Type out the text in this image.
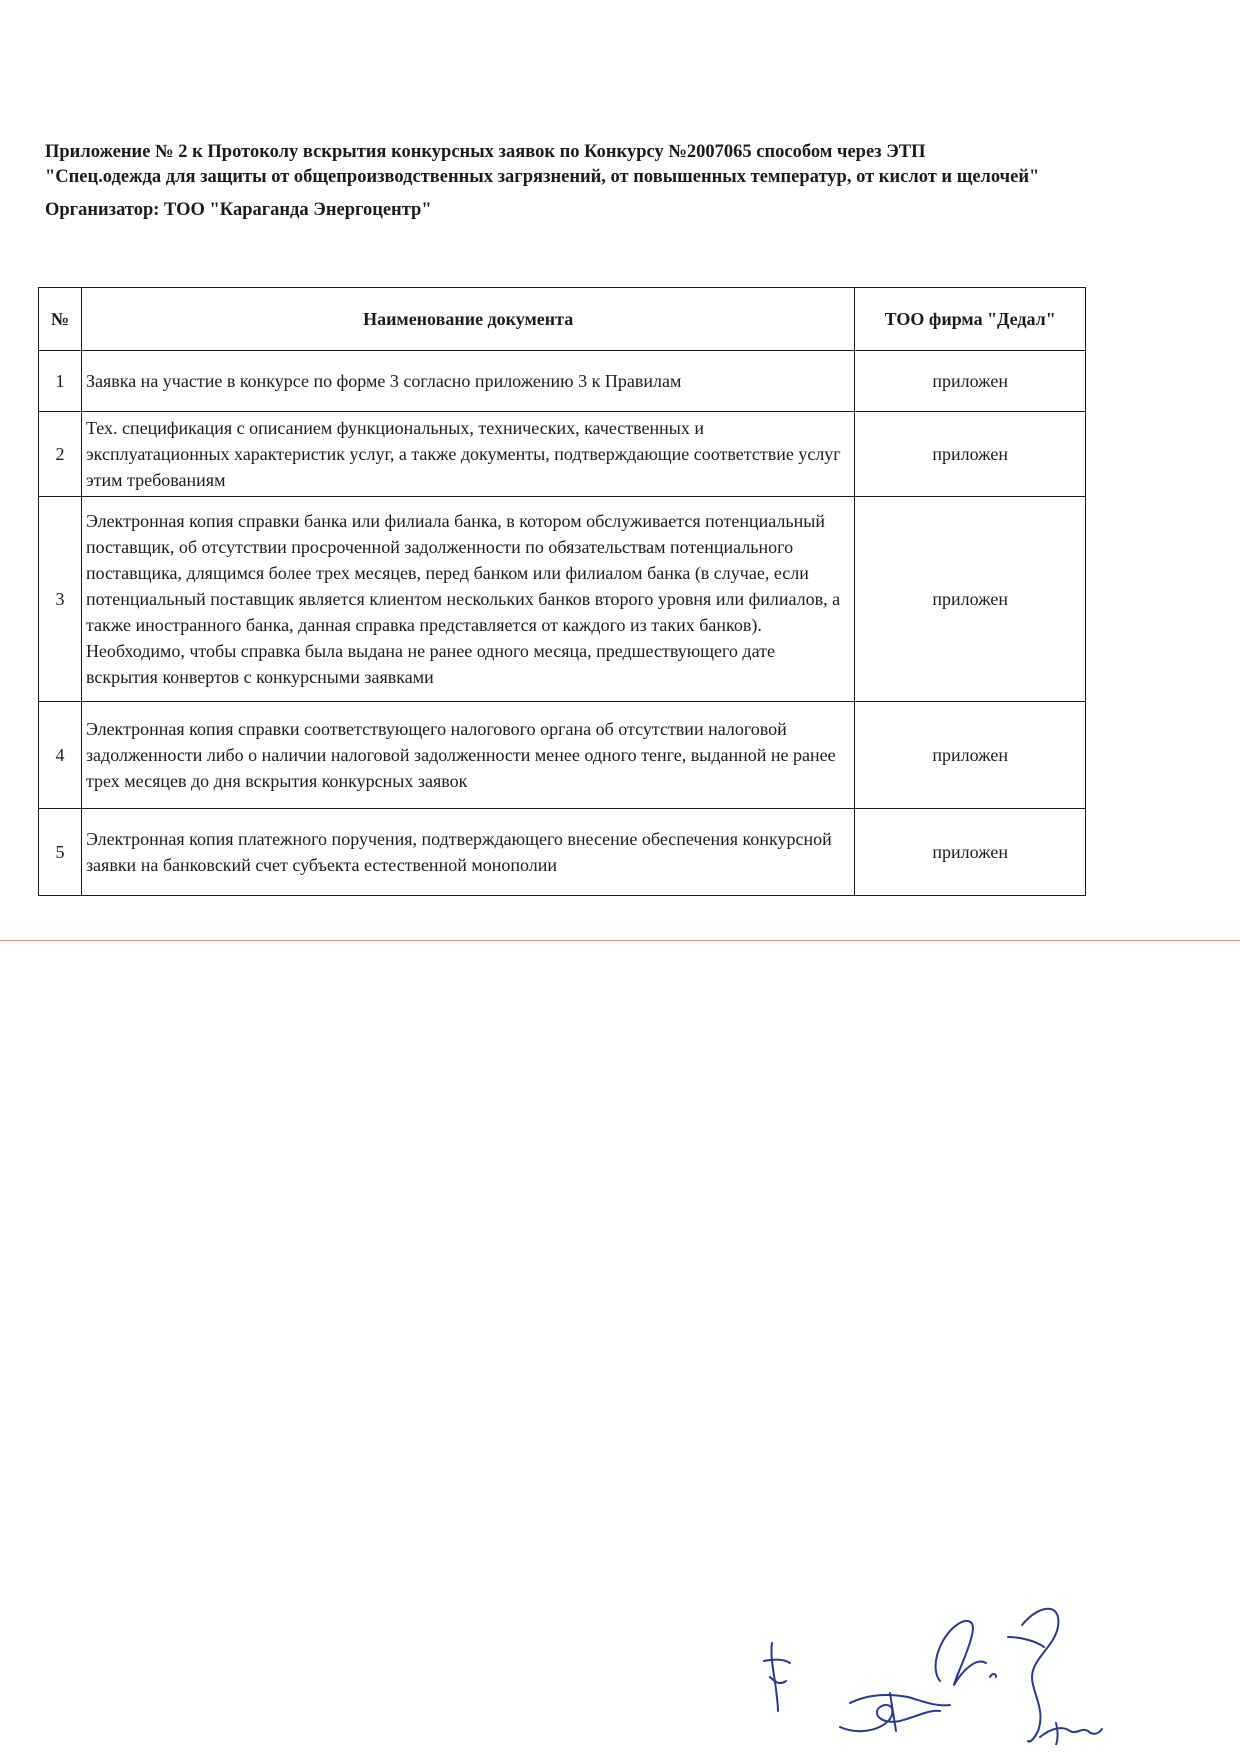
Приложение № 2 к Протоколу вскрытия конкурсных заявок по Конкурсу №2007065 способом через ЭТП
"Спец.одежда для защиты от общепроизводственных загрязнений, от повышенных температур, от кислот и щелочей"
Организатор: ТОО "Караганда Энергоцентр"
№	Наименование документа	ТОО фирма "Дедал"
1	Заявка на участие в конкурсе по форме 3 согласно приложению 3 к Правилам	приложен
2	Тех. спецификация с описанием функциональных, технических, качественных и эксплуатационных характеристик услуг, а также документы, подтверждающие соответствие услуг этим требованиям	приложен
3	Электронная копия справки банка или филиала банка, в котором обслуживается потенциальный поставщик, об отсутствии просроченной задолженности по обязательствам потенциального поставщика, длящимся более трех месяцев, перед банком или филиалом банка (в случае, если потенциальный поставщик является клиентом нескольких банков второго уровня или филиалов, а также иностранного банка, данная справка представляется от каждого из таких банков). Необходимо, чтобы справка была выдана не ранее одного месяца, предшествующего дате вскрытия конвертов с конкурсными заявками	приложен
4	Электронная копия справки соответствующего налогового органа об отсутствии налоговой задолженности либо о наличии налоговой задолженности менее одного тенге, выданной не ранее трех месяцев до дня вскрытия конкурсных заявок	приложен
5	Электронная копия платежного поручения, подтверждающего внесение обеспечения конкурсной заявки на банковский счет субъекта естественной монополии	приложен
